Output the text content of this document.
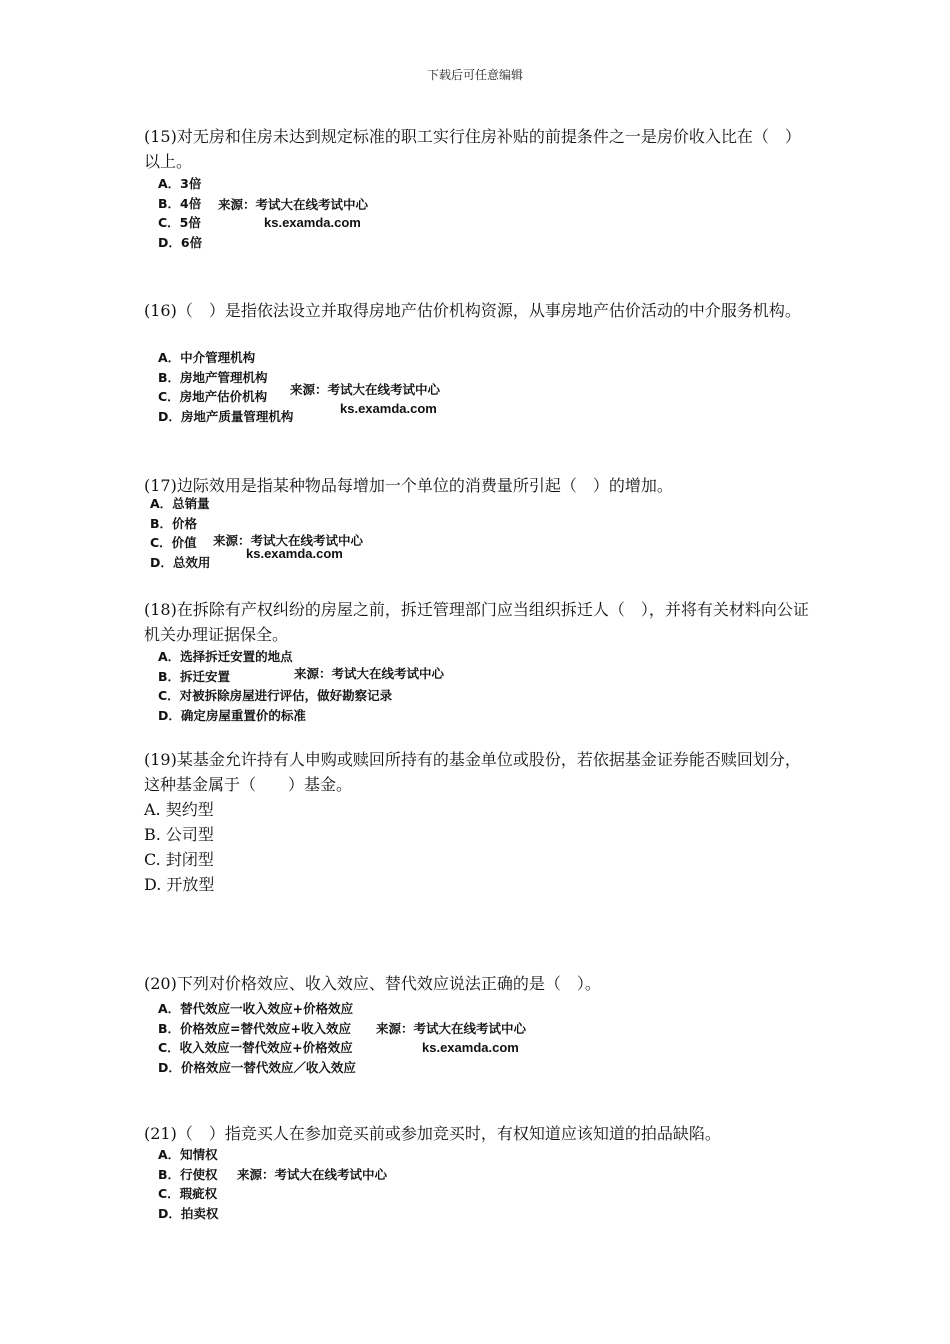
下载后可任意编辑
(15)对无房和住房未达到规定标准的职工实行住房补贴的前提条件之一是房价收入比在（　）以上。
A．3倍
B．4倍
C．5倍
D．6倍
来源：考试大在线考试中心
ks.examda.com
(16)（　）是指依法设立并取得房地产估价机构资源，从事房地产估价活动的中介服务机构。
A．中介管理机构
B．房地产管理机构
C．房地产估价机构
D．房地产质量管理机构
来源：考试大在线考试中心
ks.examda.com
(17)边际效用是指某种物品每增加一个单位的消费量所引起（　）的增加。
A．总销量
B．价格
C．价值
D．总效用
来源：考试大在线考试中心
ks.examda.com
(18)在拆除有产权纠纷的房屋之前，拆迁管理部门应当组织拆迁人（　），并将有关材料向公证机关办理证据保全。
A．选择拆迁安置的地点
B．拆迁安置
C．对被拆除房屋进行评估，做好勘察记录
D．确定房屋重置价的标准
来源：考试大在线考试中心
(19)某基金允许持有人申购或赎回所持有的基金单位或股份，若依据基金证券能否赎回划分，这种基金属于（　　）基金。
A. 契约型
B. 公司型
C. 封闭型
D. 开放型
(20)下列对价格效应、收入效应、替代效应说法正确的是（　）。
A．替代效应一收入效应+价格效应
B．价格效应=替代效应+收入效应
C．收入效应一替代效应+价格效应
D．价格效应一替代效应／收入效应
来源：考试大在线考试中心
ks.examda.com
(21)（　）指竞买人在参加竞买前或参加竞买时，有权知道应该知道的拍品缺陷。
A．知情权
B．行使权
C．瑕疵权
D．拍卖权
来源：考试大在线考试中心
